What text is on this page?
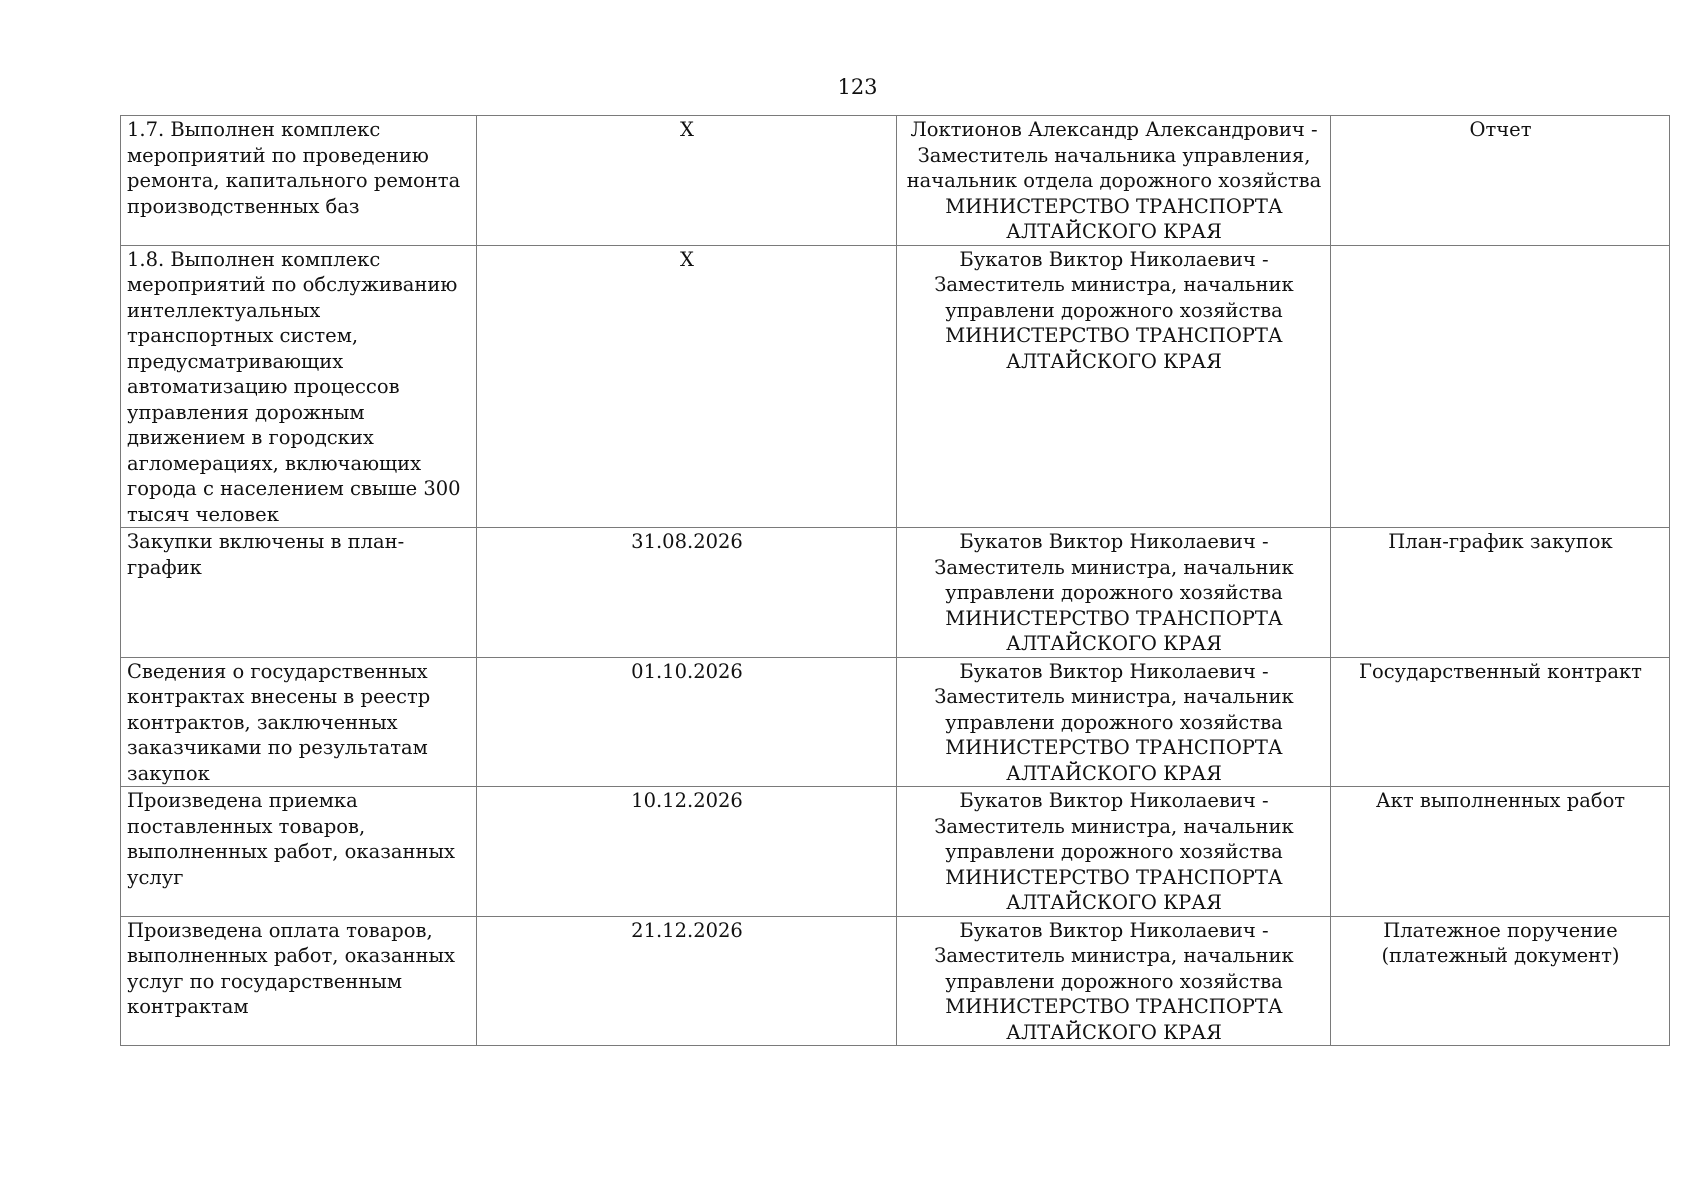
123
1.7. Выполнен комплекс мероприятий по проведению ремонта, капитального ремонта производственных баз	X	Локтионов Александр Александрович - Заместитель начальника управления, начальник отдела дорожного хозяйства
МИНИСТЕРСТВО ТРАНСПОРТА АЛТАЙСКОГО КРАЯ	Отчет
1.8. Выполнен комплекс мероприятий по обслуживанию интеллектуальных транспортных систем, предусматривающих автоматизацию процессов управления дорожным движением в городских агломерациях, включающих города с населением свыше 300 тысяч человек	X	Букатов Виктор Николаевич - Заместитель министра, начальник управлени дорожного хозяйства
МИНИСТЕРСТВО ТРАНСПОРТА АЛТАЙСКОГО КРАЯ	

Закупки включены в план-график	31.08.2026	Букатов Виктор Николаевич - Заместитель министра, начальник управлени дорожного хозяйства
МИНИСТЕРСТВО ТРАНСПОРТА АЛТАЙСКОГО КРАЯ	План-график закупок
Сведения о государственных контрактах внесены в реестр контрактов, заключенных заказчиками по результатам закупок	01.10.2026	Букатов Виктор Николаевич - Заместитель министра, начальник управлени дорожного хозяйства
МИНИСТЕРСТВО ТРАНСПОРТА АЛТАЙСКОГО КРАЯ	Государственный контракт
Произведена приемка поставленных товаров, выполненных работ, оказанных услуг	10.12.2026	Букатов Виктор Николаевич - Заместитель министра, начальник управлени дорожного хозяйства
МИНИСТЕРСТВО ТРАНСПОРТА АЛТАЙСКОГО КРАЯ	Акт выполненных работ
Произведена оплата товаров, выполненных работ, оказанных услуг по государственным контрактам	21.12.2026	Букатов Виктор Николаевич - Заместитель министра, начальник управлени дорожного хозяйства
МИНИСТЕРСТВО ТРАНСПОРТА АЛТАЙСКОГО КРАЯ	Платежное поручение (платежный документ)
